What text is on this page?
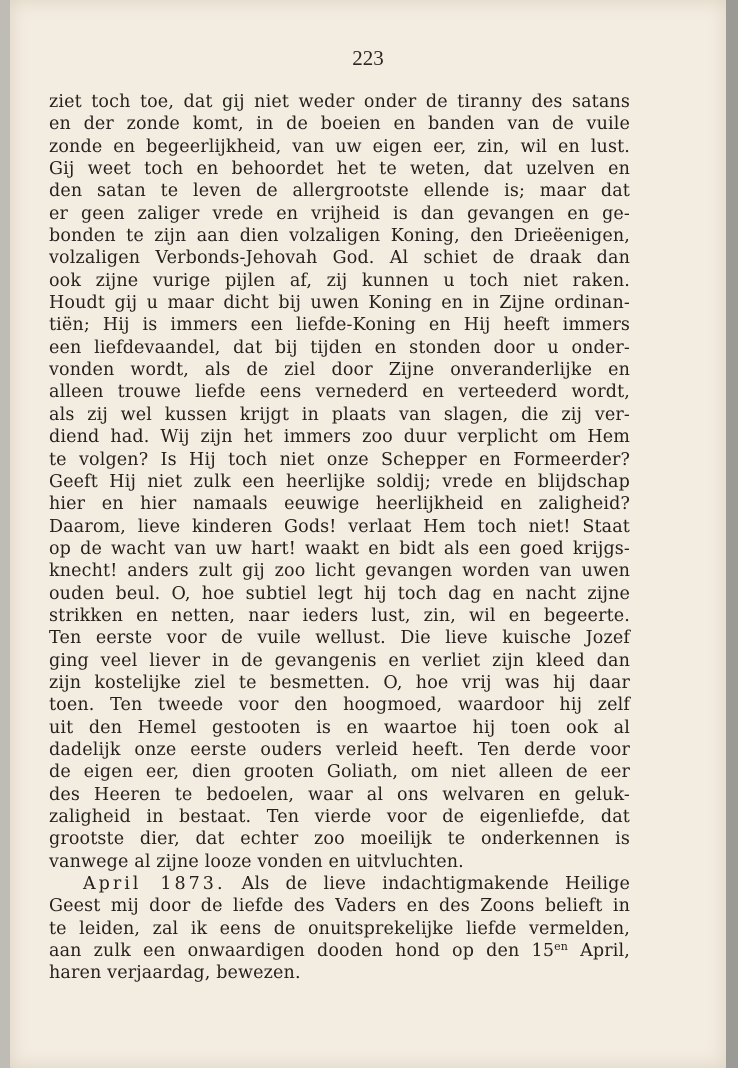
223
ziet toch toe, dat gij niet weder onder de tiranny des satans
en der zonde komt, in de boeien en banden van de vuile
zonde en begeerlijkheid, van uw eigen eer, zin, wil en lust.
Gij weet toch en behoordet het te weten, dat uzelven en
den satan te leven de allergrootste ellende is; maar dat
er geen zaliger vrede en vrijheid is dan gevangen en ge-
bonden te zijn aan dien volzaligen Koning, den Drieëenigen,
volzaligen Verbonds-Jehovah God. Al schiet de draak dan
ook zijne vurige pijlen af, zij kunnen u toch niet raken.
Houdt gij u maar dicht bij uwen Koning en in Zijne ordinan-
tiën; Hij is immers een liefde-Koning en Hij heeft immers
een liefdevaandel, dat bij tijden en stonden door u onder-
vonden wordt, als de ziel door Zijne onveranderlijke en
alleen trouwe liefde eens vernederd en verteederd wordt,
als zij wel kussen krijgt in plaats van slagen, die zij ver-
diend had. Wij zijn het immers zoo duur verplicht om Hem
te volgen? Is Hij toch niet onze Schepper en Formeerder?
Geeft Hij niet zulk een heerlijke soldij; vrede en blijdschap
hier en hier namaals eeuwige heerlijkheid en zaligheid?
Daarom, lieve kinderen Gods! verlaat Hem toch niet! Staat
op de wacht van uw hart! waakt en bidt als een goed krijgs-
knecht! anders zult gij zoo licht gevangen worden van uwen
ouden beul. O, hoe subtiel legt hij toch dag en nacht zijne
strikken en netten, naar ieders lust, zin, wil en begeerte.
Ten eerste voor de vuile wellust. Die lieve kuische Jozef
ging veel liever in de gevangenis en verliet zijn kleed dan
zijn kostelijke ziel te besmetten. O, hoe vrij was hij daar
toen. Ten tweede voor den hoogmoed, waardoor hij zelf
uit den Hemel gestooten is en waartoe hij toen ook al
dadelijk onze eerste ouders verleid heeft. Ten derde voor
de eigen eer, dien grooten Goliath, om niet alleen de eer
des Heeren te bedoelen, waar al ons welvaren en geluk-
zaligheid in bestaat. Ten vierde voor de eigenliefde, dat
grootste dier, dat echter zoo moeilijk te onderkennen is
vanwege al zijne looze vonden en uitvluchten.
April 1873. Als de lieve indachtigmakende Heilige
Geest mij door de liefde des Vaders en des Zoons belieft in
te leiden, zal ik eens de onuitsprekelijke liefde vermelden,
aan zulk een onwaardigen dooden hond op den $15^{en}$ April,
haren verjaardag, bewezen.
